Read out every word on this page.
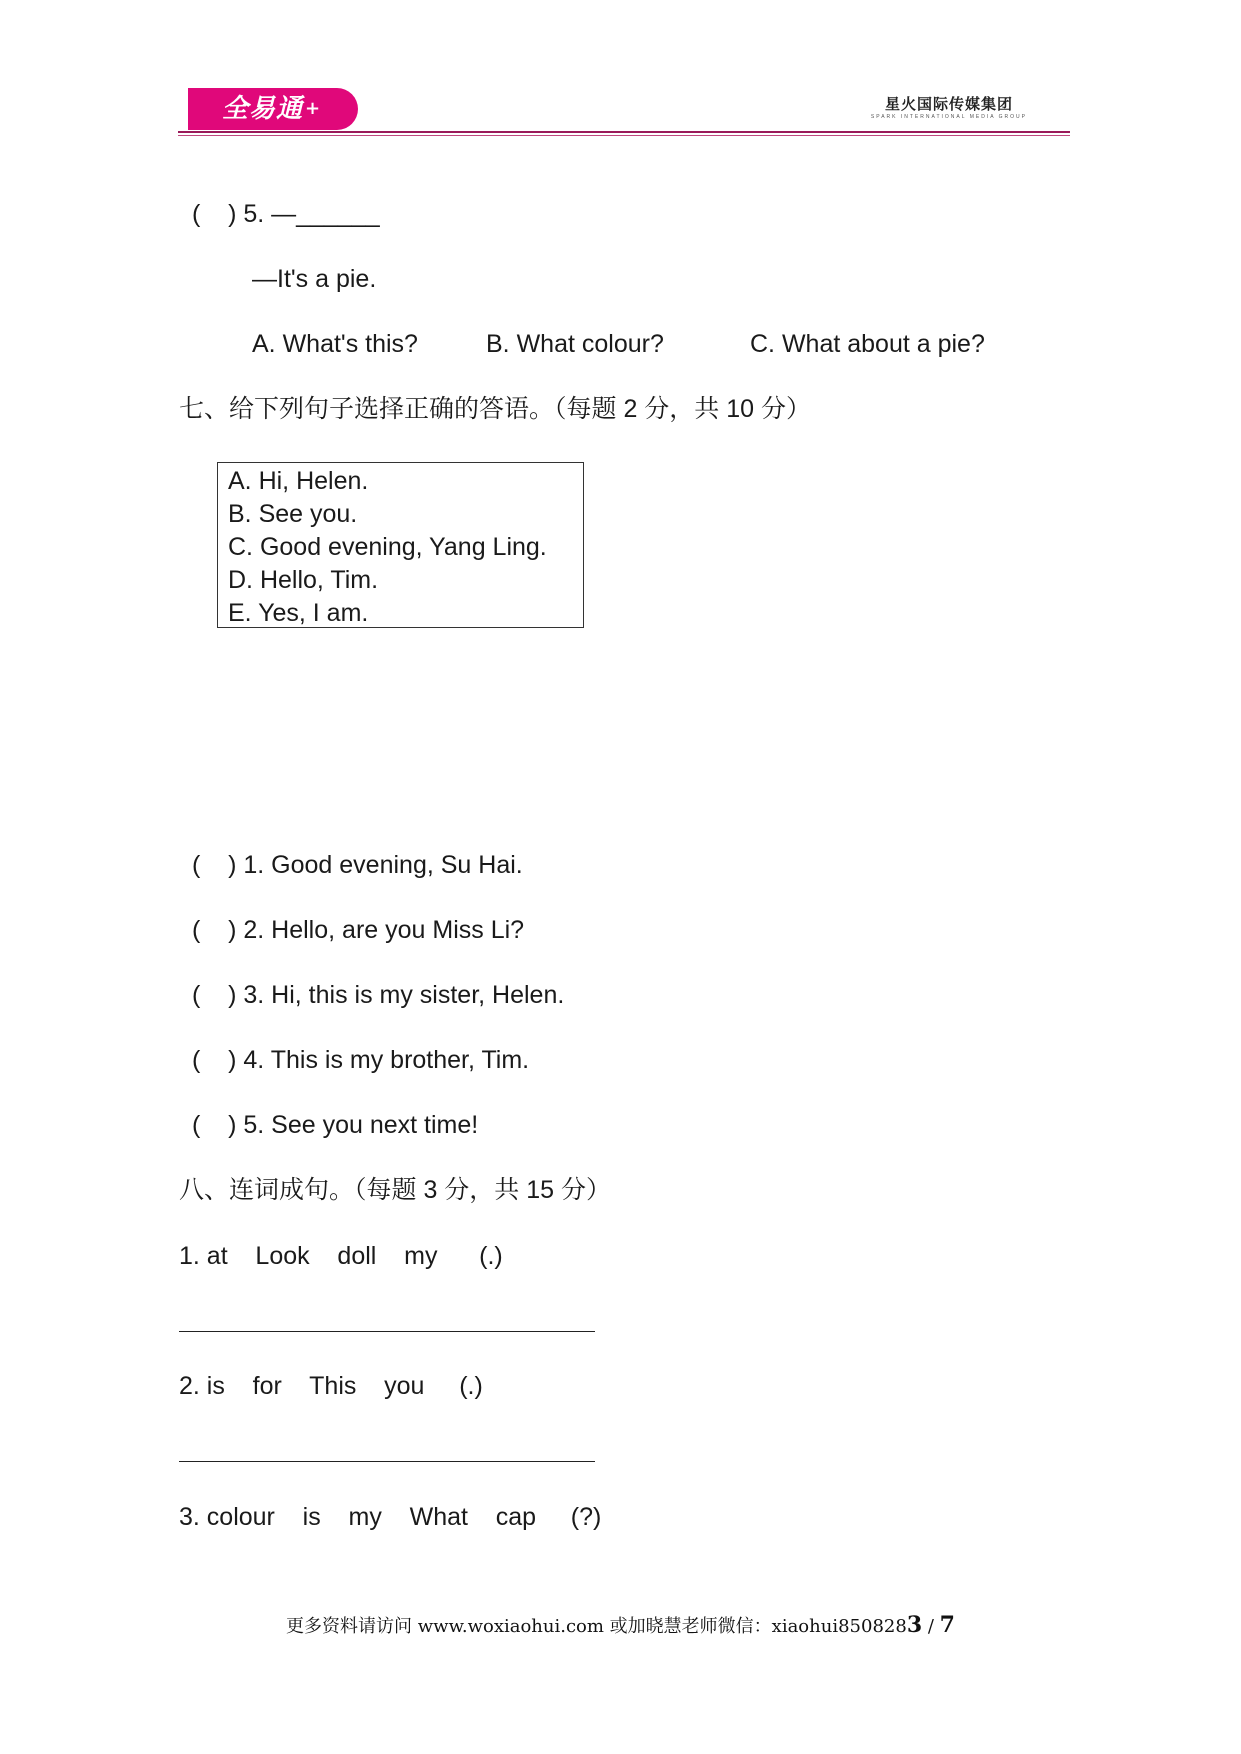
全易通 +	星火国际传媒集团
SPARK INTERNATIONAL MEDIA GROUP
(    ) 5. —______
—It's a pie.
A. What's this?	B. What colour?	C. What about a pie?
七、给下列句子选择正确的答语。（每题 2 分，共 10 分）
A. Hi, Helen.
B. See you.
C. Good evening, Yang Ling.
D. Hello, Tim.
E. Yes, I am.
(    ) 1. Good evening, Su Hai.
(    ) 2. Hello, are you Miss Li?
(    ) 3. Hi, this is my sister, Helen.
(    ) 4. This is my brother, Tim.
(    ) 5. See you next time!
八、连词成句。（每题 3 分，共 15 分）
1. at    Look    doll    my      (.)
2. is    for    This    you     (.)
3. colour    is    my    What    cap     (?)
更多资料请访问 www.woxiaohui.com 或加晓慧老师微信：xiaohui8508283 / 7
